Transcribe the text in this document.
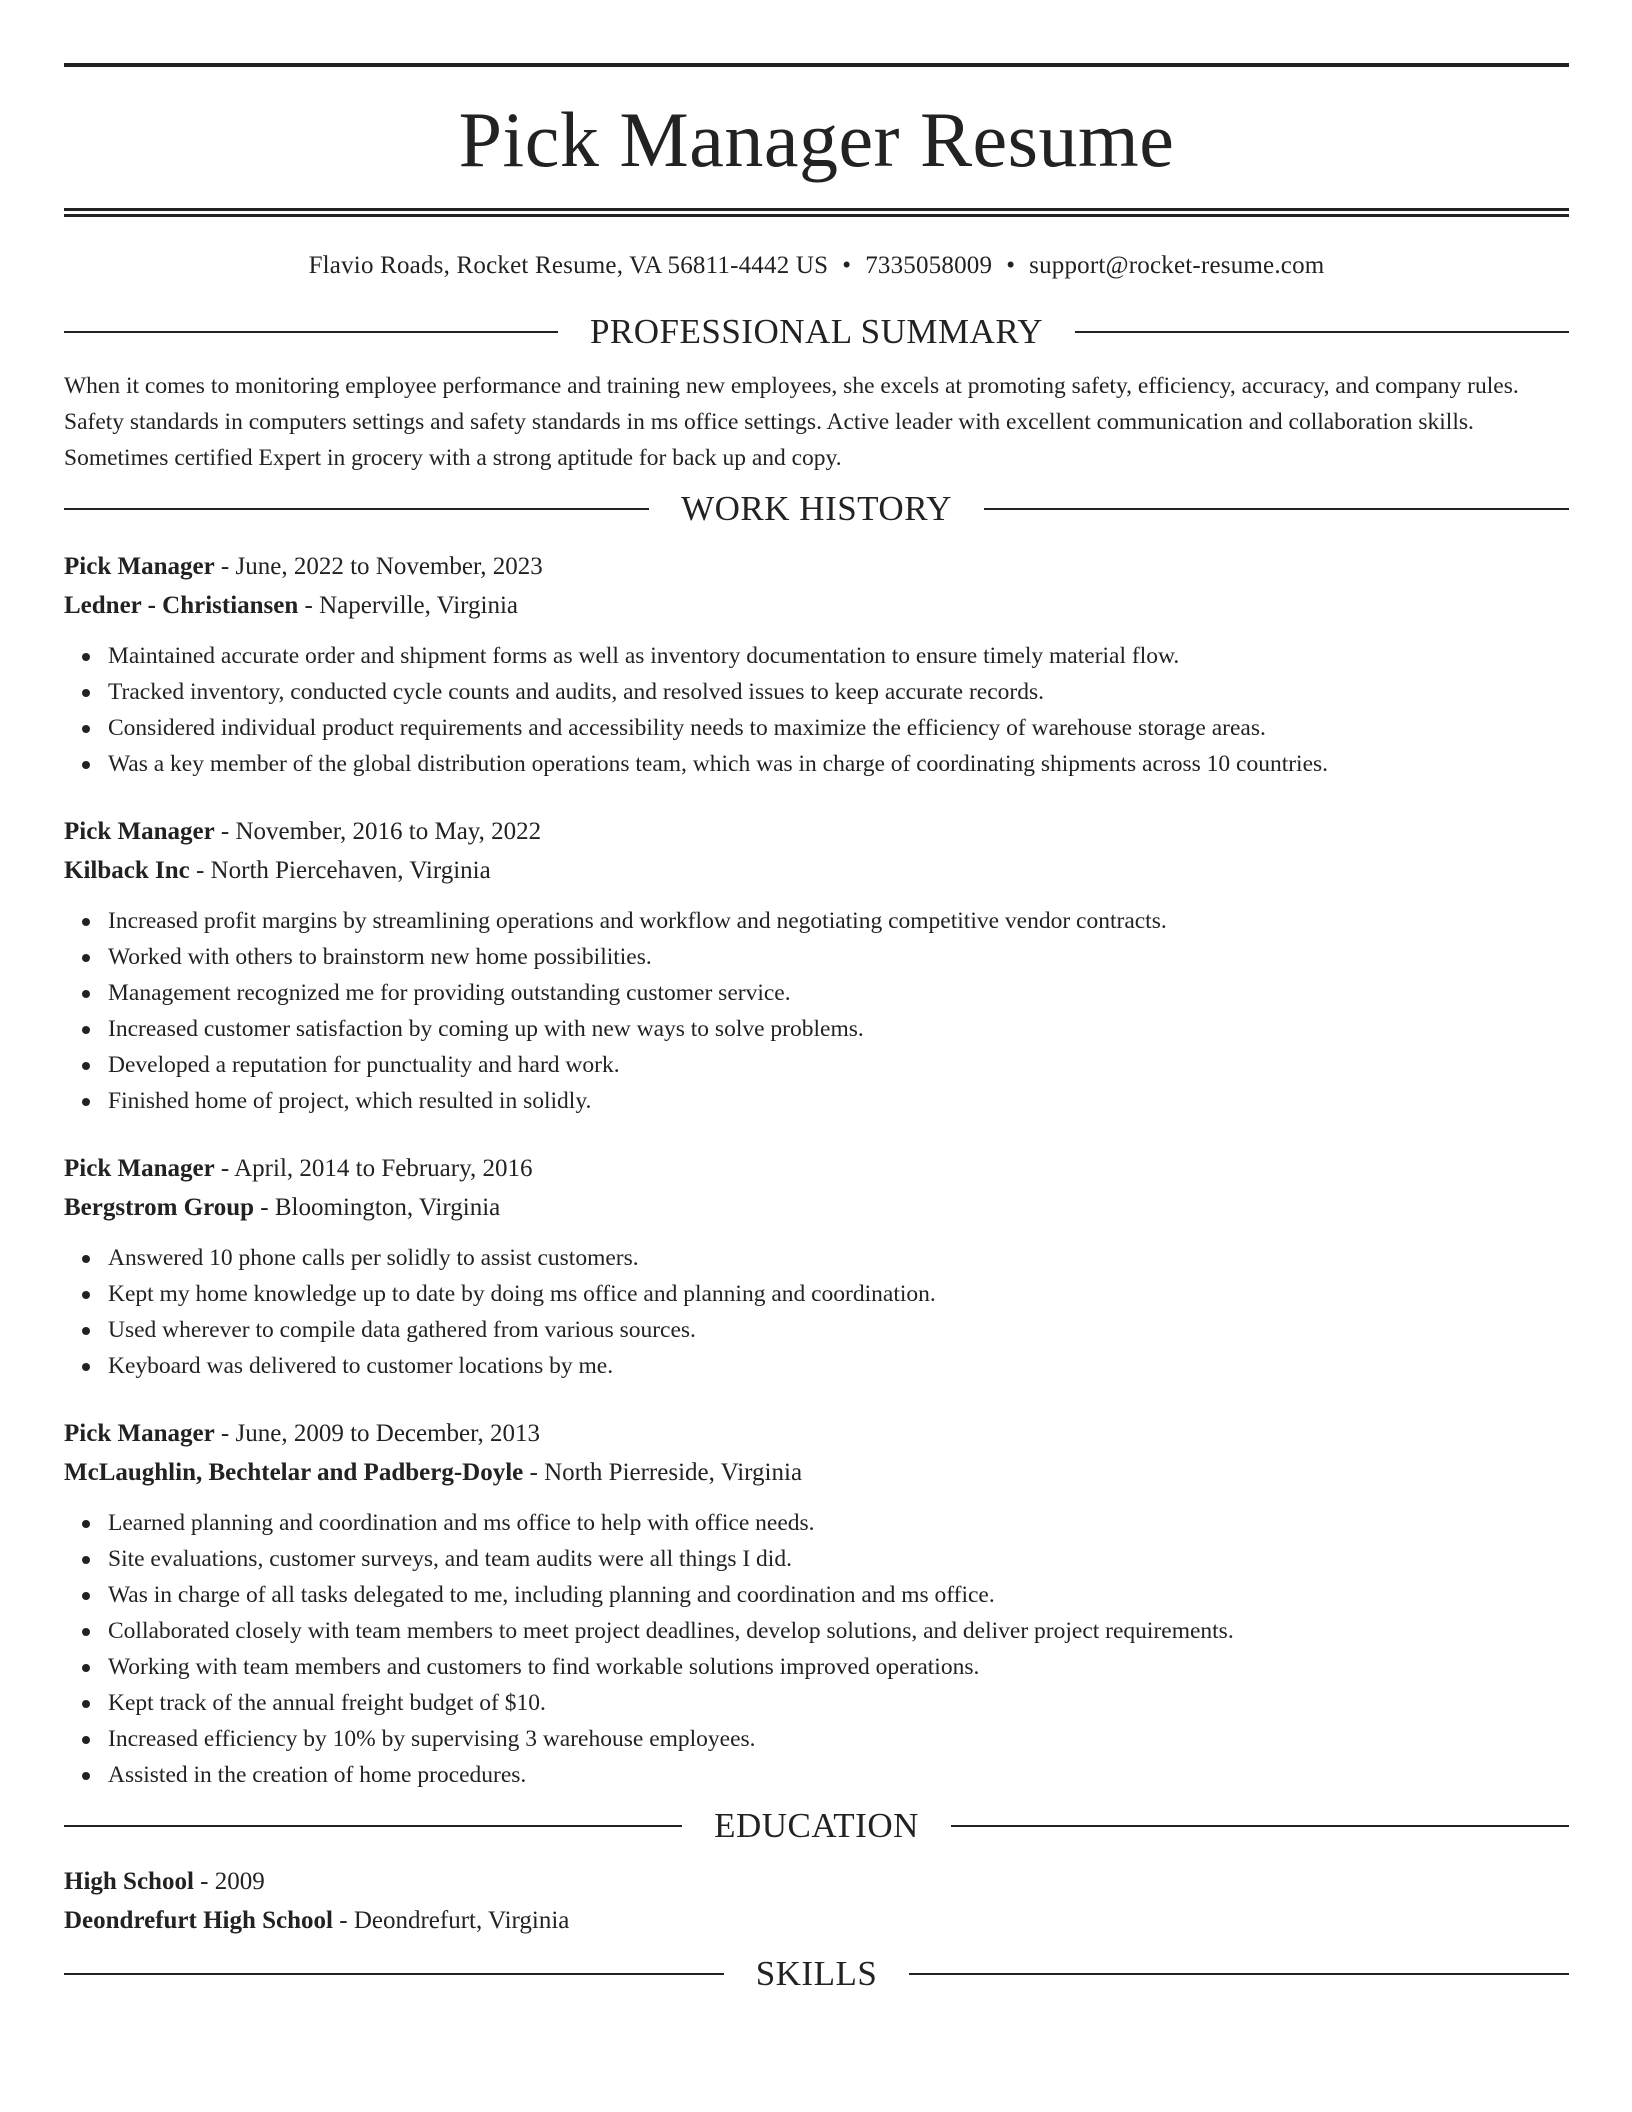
Pick Manager Resume
Flavio Roads, Rocket Resume, VA 56811-4442 US • 7335058009 • support@rocket-resume.com
PROFESSIONAL SUMMARY

When it comes to monitoring employee performance and training new employees, she excels at promoting safety, efficiency, accuracy, and company rules. Safety standards in computers settings and safety standards in ms office settings. Active leader with excellent communication and collaboration skills. Sometimes certified Expert in grocery with a strong aptitude for back up and copy.

WORK HISTORY
Pick Manager - June, 2022 to November, 2023
Ledner - Christiansen - Naperville, Virginia
Maintained accurate order and shipment forms as well as inventory documentation to ensure timely material flow.
Tracked inventory, conducted cycle counts and audits, and resolved issues to keep accurate records.
Considered individual product requirements and accessibility needs to maximize the efficiency of warehouse storage areas.
Was a key member of the global distribution operations team, which was in charge of coordinating shipments across 10 countries.
Pick Manager - November, 2016 to May, 2022
Kilback Inc - North Piercehaven, Virginia
Increased profit margins by streamlining operations and workflow and negotiating competitive vendor contracts.
Worked with others to brainstorm new home possibilities.
Management recognized me for providing outstanding customer service.
Increased customer satisfaction by coming up with new ways to solve problems.
Developed a reputation for punctuality and hard work.
Finished home of project, which resulted in solidly.
Pick Manager - April, 2014 to February, 2016
Bergstrom Group - Bloomington, Virginia
Answered 10 phone calls per solidly to assist customers.
Kept my home knowledge up to date by doing ms office and planning and coordination.
Used wherever to compile data gathered from various sources.
Keyboard was delivered to customer locations by me.
Pick Manager - June, 2009 to December, 2013
McLaughlin, Bechtelar and Padberg-Doyle - North Pierreside, Virginia
Learned planning and coordination and ms office to help with office needs.
Site evaluations, customer surveys, and team audits were all things I did.
Was in charge of all tasks delegated to me, including planning and coordination and ms office.
Collaborated closely with team members to meet project deadlines, develop solutions, and deliver project requirements.
Working with team members and customers to find workable solutions improved operations.
Kept track of the annual freight budget of $10.
Increased efficiency by 10% by supervising 3 warehouse employees.
Assisted in the creation of home procedures.
EDUCATION
High School - 2009
Deondrefurt High School - Deondrefurt, Virginia
SKILLS
